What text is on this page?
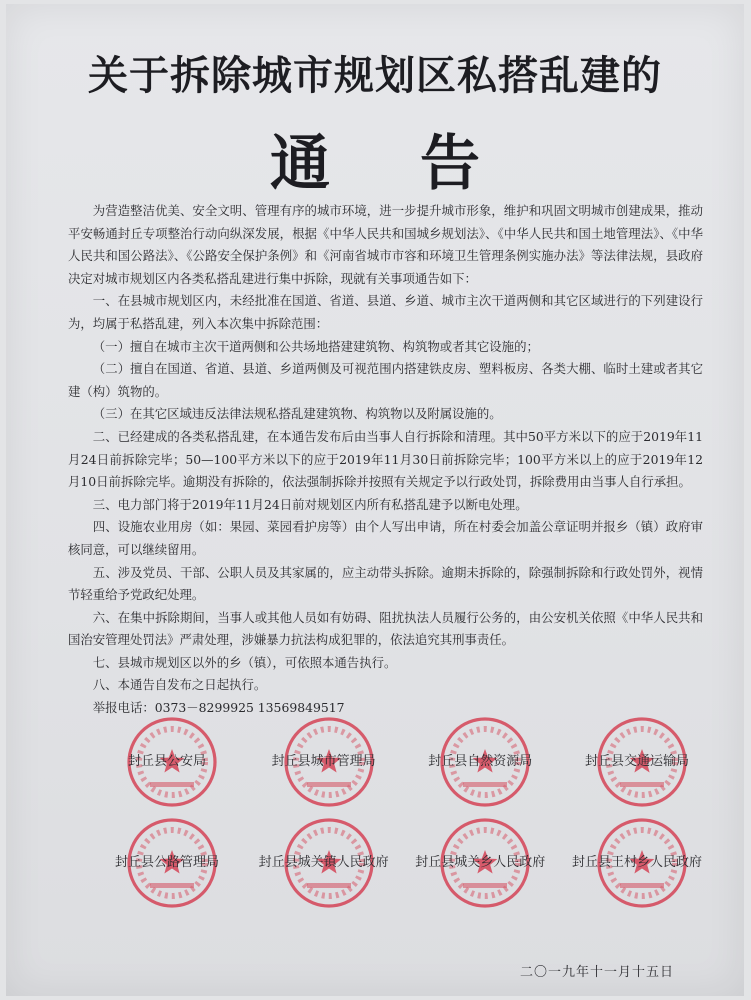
关于拆除城市规划区私搭乱建的
通告

为营造整洁优美、安全文明、管理有序的城市环境，进一步提升城市形象，维护和巩固文明城市创建成果，推动平安畅通封丘专项整治行动向纵深发展，根据《中华人民共和国城乡规划法》、《中华人民共和国土地管理法》、《中华人民共和国公路法》、《公路安全保护条例》和《河南省城市市容和环境卫生管理条例实施办法》等法律法规，县政府决定对城市规划区内各类私搭乱建进行集中拆除，现就有关事项通告如下：

一、在县城市规划区内，未经批准在国道、省道、县道、乡道、城市主次干道两侧和其它区域进行的下列建设行为，均属于私搭乱建，列入本次集中拆除范围：

（一）擅自在城市主次干道两侧和公共场地搭建建筑物、构筑物或者其它设施的；

（二）擅自在国道、省道、县道、乡道两侧及可视范围内搭建铁皮房、塑料板房、各类大棚、临时土建或者其它建（构）筑物的。

（三）在其它区域违反法律法规私搭乱建建筑物、构筑物以及附属设施的。

二、已经建成的各类私搭乱建，在本通告发布后由当事人自行拆除和清理。其中50平方米以下的应于2019年11月24日前拆除完毕；50—100平方米以下的应于2019年11月30日前拆除完毕；100平方米以上的应于2019年12月10日前拆除完毕。逾期没有拆除的，依法强制拆除并按照有关规定予以行政处罚，拆除费用由当事人自行承担。

三、电力部门将于2019年11月24日前对规划区内所有私搭乱建予以断电处理。

四、设施农业用房（如：果园、菜园看护房等）由个人写出申请，所在村委会加盖公章证明并报乡（镇）政府审核同意，可以继续留用。

五、涉及党员、干部、公职人员及其家属的，应主动带头拆除。逾期未拆除的，除强制拆除和行政处罚外，视情节轻重给予党政纪处理。

六、在集中拆除期间，当事人或其他人员如有妨碍、阻扰执法人员履行公务的，由公安机关依照《中华人民共和国治安管理处罚法》严肃处理，涉嫌暴力抗法构成犯罪的，依法追究其刑事责任。

七、县城市规划区以外的乡（镇），可依照本通告执行。

八、本通告自发布之日起执行。

举报电话：0373－8299925 13569849517

封丘县公安局	封丘县城市管理局	封丘县自然资源局	封丘县交通运输局
封丘县公路管理局	封丘县城关镇人民政府	封丘县城关乡人民政府	封丘县王村乡人民政府
二〇一九年十一月十五日
